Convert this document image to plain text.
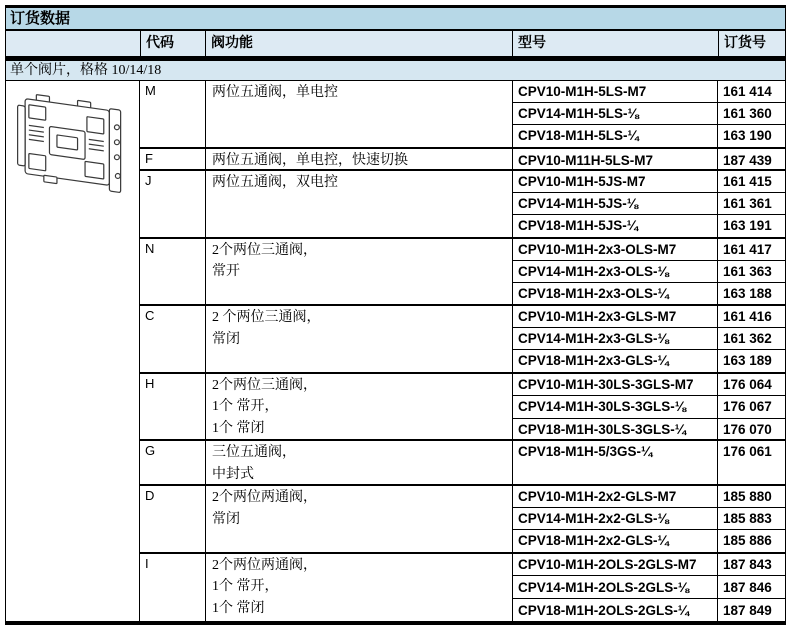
订货数据
代码	阀功能	型号	订货号
单个阀片，格格 10/14/18
M	两位五通阀，单电控	CPV10-M1H-5LS-M7	161 414
CPV14-M1H-5LS-⅛	161 360
CPV18-M1H-5LS-¼	163 190
F	两位五通阀，单电控，快速切换	CPV10-M11H-5LS-M7	187 439
J	两位五通阀，双电控	CPV10-M1H-5JS-M7	161 415
CPV14-M1H-5JS-⅛	161 361
CPV18-M1H-5JS-¼	163 191
N	2个两位三通阀，
常开
CPV10-M1H-2x3-OLS-M7	161 417
CPV14-M1H-2x3-OLS-⅛	161 363
CPV18-M1H-2x3-OLS-¼	163 188
C	2 个两位三通阀，
常闭
CPV10-M1H-2x3-GLS-M7	161 416
CPV14-M1H-2x3-GLS-⅛	161 362
CPV18-M1H-2x3-GLS-¼	163 189
H	2个两位三通阀，
1个 常开，
1个 常闭
CPV10-M1H-30LS-3GLS-M7	176 064
CPV14-M1H-30LS-3GLS-⅛	176 067
CPV18-M1H-30LS-3GLS-¼	176 070
G	三位五通阀，
中封式
CPV18-M1H-5/3GS-¼	176 061
D	2个两位两通阀，
常闭
CPV10-M1H-2x2-GLS-M7	185 880
CPV14-M1H-2x2-GLS-⅛	185 883
CPV18-M1H-2x2-GLS-¼	185 886
I	2个两位两通阀，
1个 常开，
1个 常闭
CPV10-M1H-2OLS-2GLS-M7	187 843
CPV14-M1H-2OLS-2GLS-⅛	187 846
CPV18-M1H-2OLS-2GLS-¼	187 849
